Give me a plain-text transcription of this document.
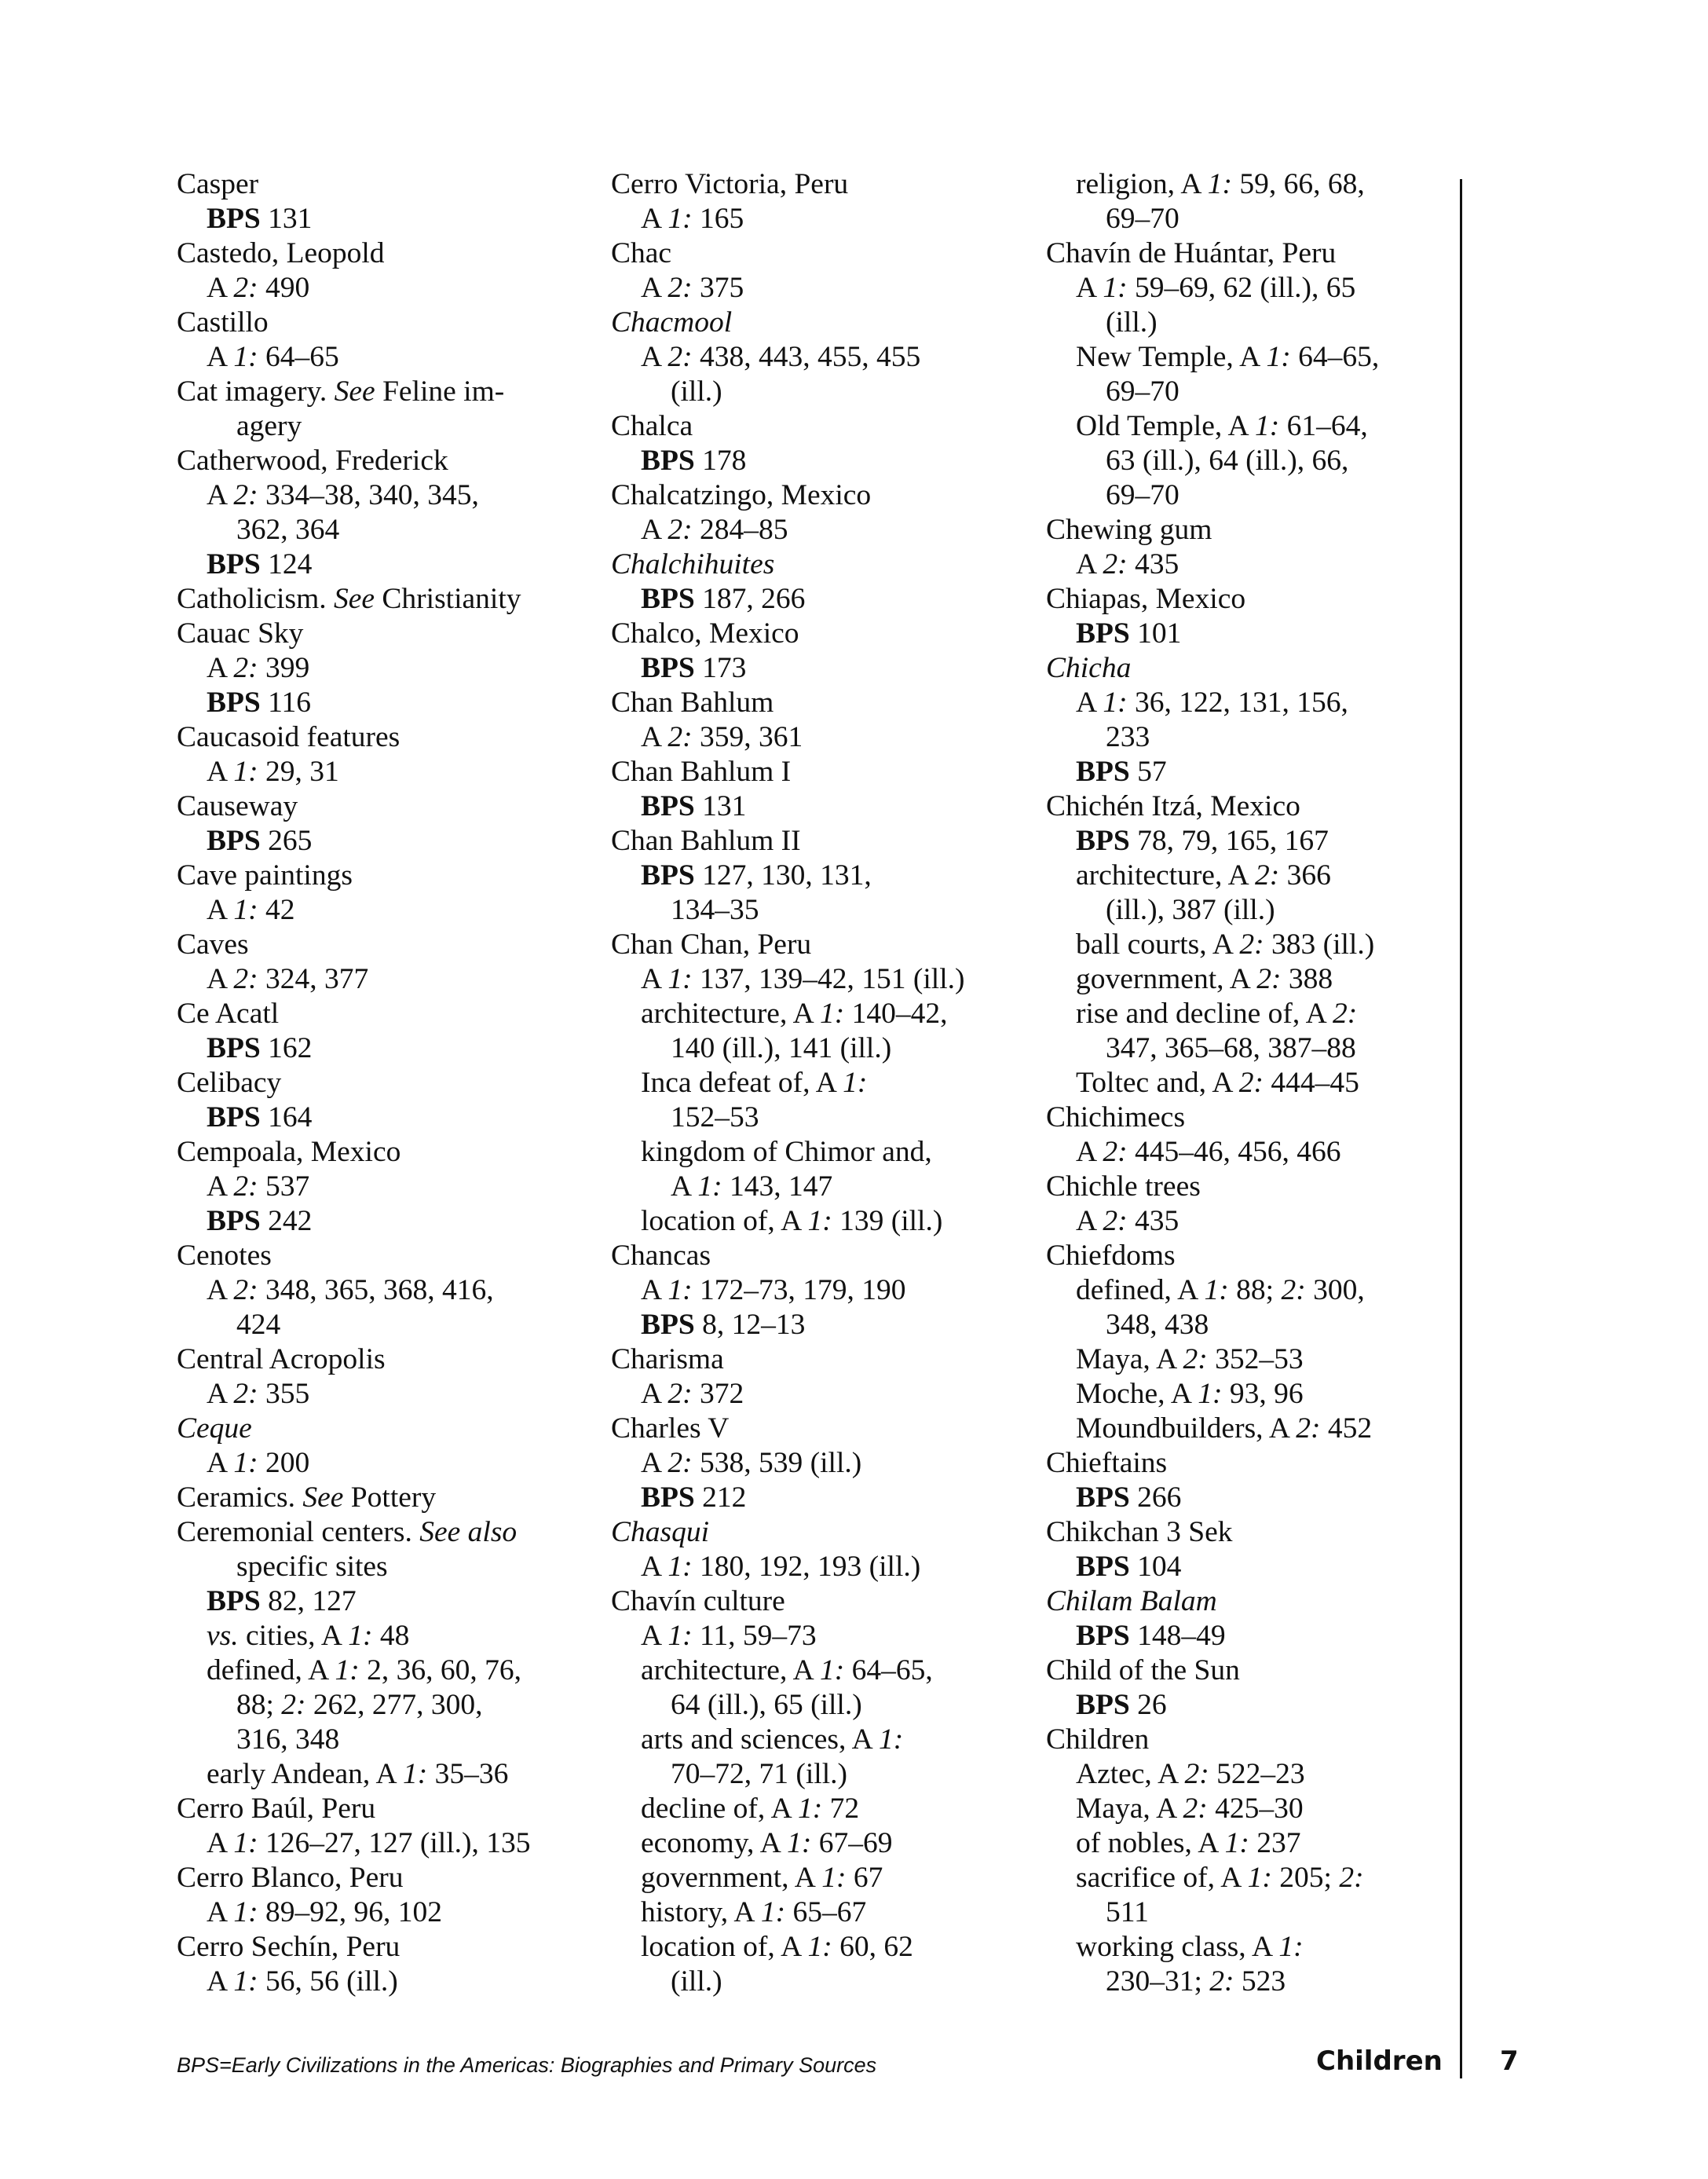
Casper
BPS 131
Castedo, Leopold
A 2: 490
Castillo
A 1: 64–65
Cat imagery. See Feline im-
agery
Catherwood, Frederick
A 2: 334–38, 340, 345,
362, 364
BPS 124
Catholicism. See Christianity
Cauac Sky
A 2: 399
BPS 116
Caucasoid features
A 1: 29, 31
Causeway
BPS 265
Cave paintings
A 1: 42
Caves
A 2: 324, 377
Ce Acatl
BPS 162
Celibacy
BPS 164
Cempoala, Mexico
A 2: 537
BPS 242
Cenotes
A 2: 348, 365, 368, 416,
424
Central Acropolis
A 2: 355
Ceque
A 1: 200
Ceramics. See Pottery
Ceremonial centers. See also
specific sites
BPS 82, 127
vs. cities, A 1: 48
defined, A 1: 2, 36, 60, 76,
88; 2: 262, 277, 300,
316, 348
early Andean, A 1: 35–36
Cerro Baúl, Peru
A 1: 126–27, 127 (ill.), 135
Cerro Blanco, Peru
A 1: 89–92, 96, 102
Cerro Sechín, Peru
A 1: 56, 56 (ill.)
Cerro Victoria, Peru
A 1: 165
Chac
A 2: 375
Chacmool
A 2: 438, 443, 455, 455
(ill.)
Chalca
BPS 178
Chalcatzingo, Mexico
A 2: 284–85
Chalchihuites
BPS 187, 266
Chalco, Mexico
BPS 173
Chan Bahlum
A 2: 359, 361
Chan Bahlum I
BPS 131
Chan Bahlum II
BPS 127, 130, 131,
134–35
Chan Chan, Peru
A 1: 137, 139–42, 151 (ill.)
architecture, A 1: 140–42,
140 (ill.), 141 (ill.)
Inca defeat of, A 1:
152–53
kingdom of Chimor and,
A 1: 143, 147
location of, A 1: 139 (ill.)
Chancas
A 1: 172–73, 179, 190
BPS 8, 12–13
Charisma
A 2: 372
Charles V
A 2: 538, 539 (ill.)
BPS 212
Chasqui
A 1: 180, 192, 193 (ill.)
Chavín culture
A 1: 11, 59–73
architecture, A 1: 64–65,
64 (ill.), 65 (ill.)
arts and sciences, A 1:
70–72, 71 (ill.)
decline of, A 1: 72
economy, A 1: 67–69
government, A 1: 67
history, A 1: 65–67
location of, A 1: 60, 62
(ill.)
religion, A 1: 59, 66, 68,
69–70
Chavín de Huántar, Peru
A 1: 59–69, 62 (ill.), 65
(ill.)
New Temple, A 1: 64–65,
69–70
Old Temple, A 1: 61–64,
63 (ill.), 64 (ill.), 66,
69–70
Chewing gum
A 2: 435
Chiapas, Mexico
BPS 101
Chicha
A 1: 36, 122, 131, 156,
233
BPS 57
Chichén Itzá, Mexico
BPS 78, 79, 165, 167
architecture, A 2: 366
(ill.), 387 (ill.)
ball courts, A 2: 383 (ill.)
government, A 2: 388
rise and decline of, A 2:
347, 365–68, 387–88
Toltec and, A 2: 444–45
Chichimecs
A 2: 445–46, 456, 466
Chichle trees
A 2: 435
Chiefdoms
defined, A 1: 88; 2: 300,
348, 438
Maya, A 2: 352–53
Moche, A 1: 93, 96
Moundbuilders, A 2: 452
Chieftains
BPS 266
Chikchan 3 Sek
BPS 104
Chilam Balam
BPS 148–49
Child of the Sun
BPS 26
Children
Aztec, A 2: 522–23
Maya, A 2: 425–30
of nobles, A 1: 237
sacrifice of, A 1: 205; 2:
511
working class, A 1:
230–31; 2: 523
BPS=Early Civilizations in the Americas: Biographies and Primary Sources	Children 7
